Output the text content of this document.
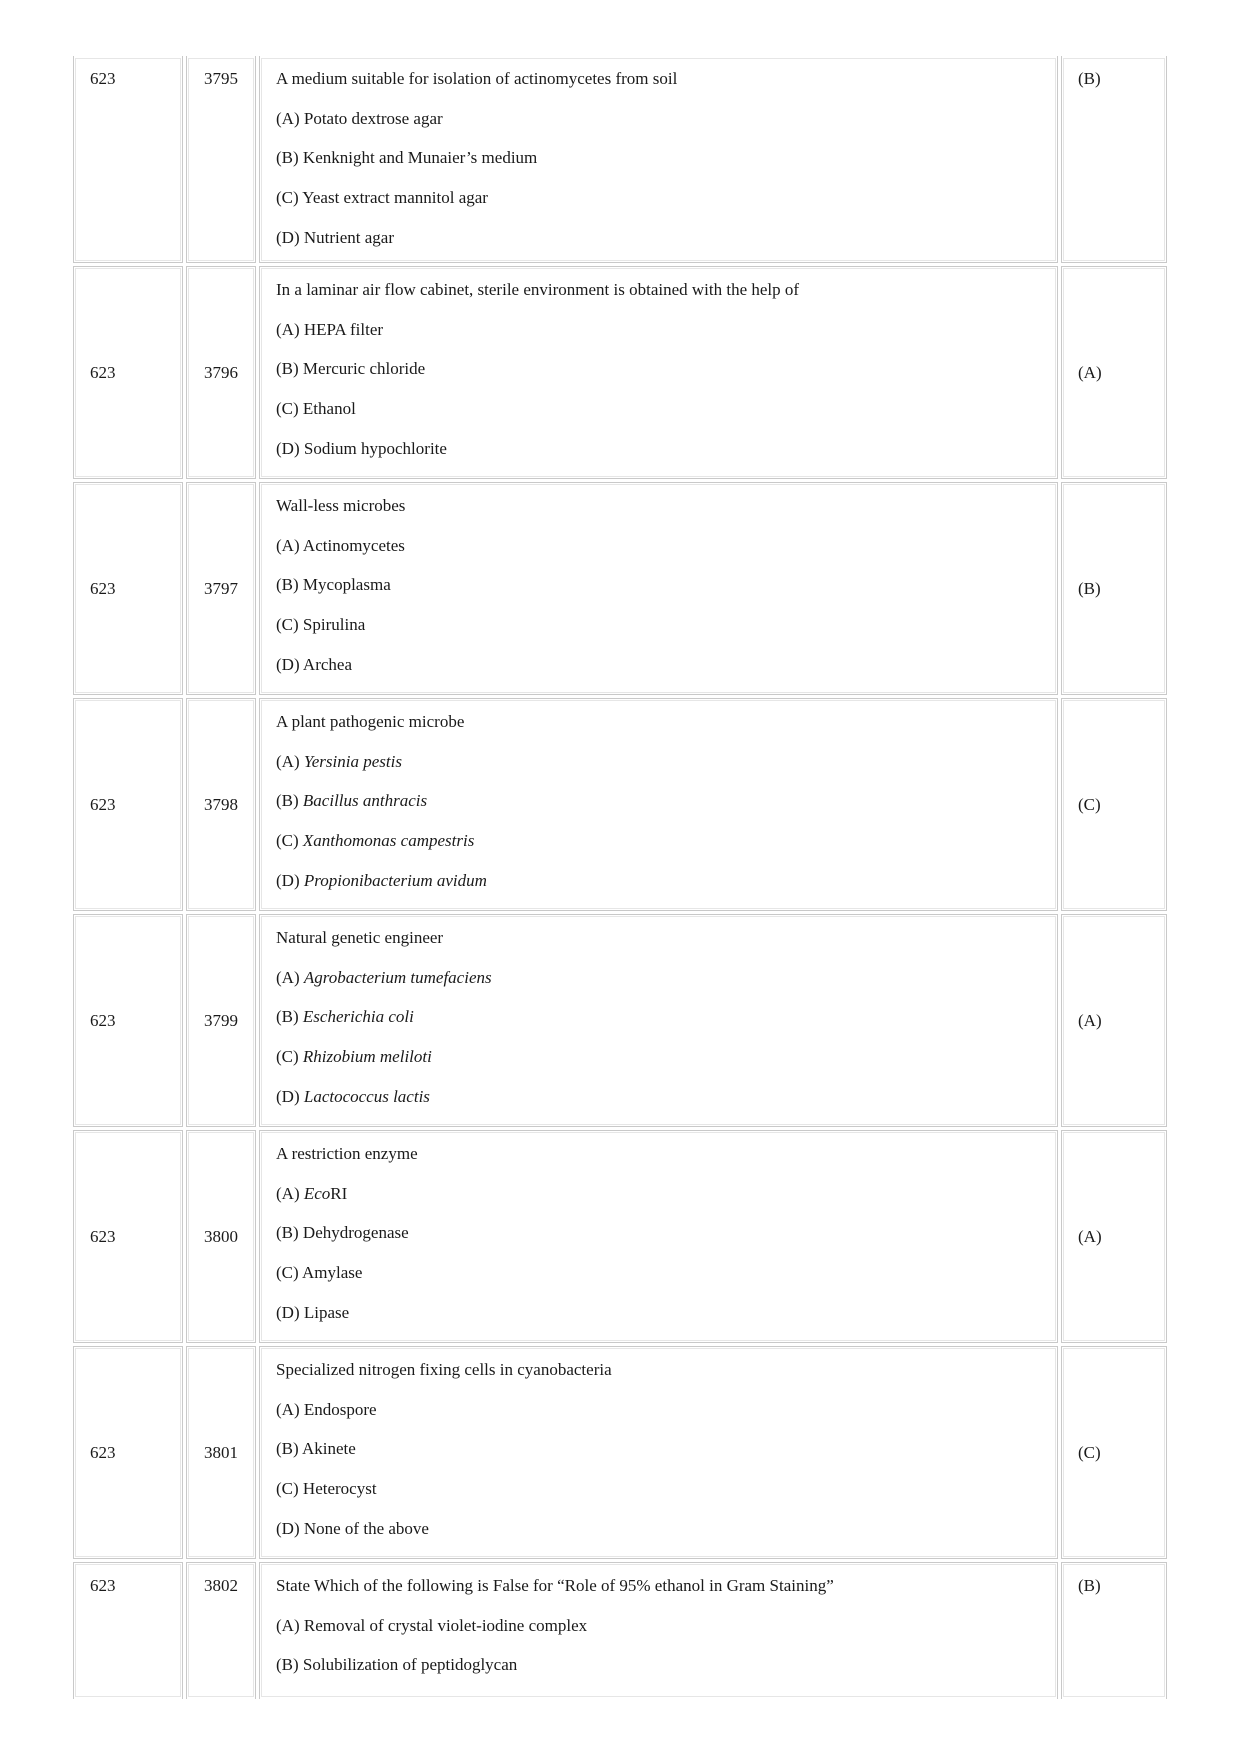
623	3795	A medium suitable for isolation of actinomycetes from soil
(A) Potato dextrose agar
(B) Kenknight and Munaier’s medium
(C) Yeast extract mannitol agar
(D) Nutrient agar
(B)
623	3796
In a laminar air flow cabinet, sterile environment is obtained with the help of
(A) HEPA filter
(B) Mercuric chloride
(C) Ethanol
(D) Sodium hypochlorite
(A)
623	3797
Wall-less microbes
(A) Actinomycetes
(B) Mycoplasma
(C) Spirulina
(D) Archea
(B)
623	3798
A plant pathogenic microbe
(A) Yersinia pestis
(B) Bacillus anthracis
(C) Xanthomonas campestris
(D) Propionibacterium avidum
(C)
623	3799
Natural genetic engineer
(A) Agrobacterium tumefaciens
(B) Escherichia coli
(C) Rhizobium meliloti
(D) Lactococcus lactis
(A)
623	3800
A restriction enzyme
(A) EcoRI
(B) Dehydrogenase
(C) Amylase
(D) Lipase
(A)
623	3801
Specialized nitrogen fixing cells in cyanobacteria
(A) Endospore
(B) Akinete
(C) Heterocyst
(D) None of the above
(C)
623	3802	State Which of the following is False for “Role of 95% ethanol in Gram Staining”
(A) Removal of crystal violet-iodine complex
(B) Solubilization of peptidoglycan
(B)
